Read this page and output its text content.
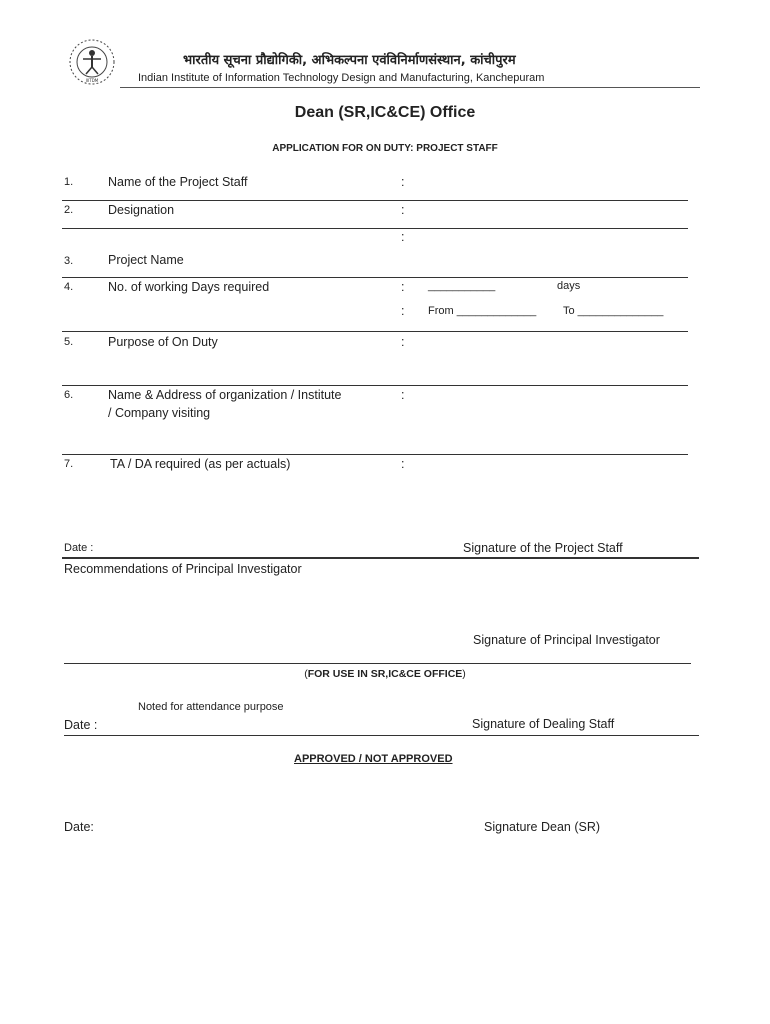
IIITDM
भारतीय सूचना प्रौद्योगिकी, अभिकल्पना एवंविनिर्माणसंस्थान, कांचीपुरम
Indian Institute of Information Technology Design and Manufacturing, Kanchepuram
Dean (SR,IC&CE) Office
APPLICATION FOR ON DUTY: PROJECT STAFF
1.	Name of the Project Staff	:
2.	Designation	:
:
3.	Project Name
4.	No. of working Days required	: ___________	days
: From _____________ To ______________
5.	Purpose of On Duty	:
6.	Name & Address of organization / Institute
/ Company visiting
:
7.	TA / DA required (as per actuals)	:
Date :	Signature of the Project Staff
Recommendations of Principal Investigator
Signature of Principal Investigator
(FOR USE IN SR,IC&CE OFFICE)
Noted for attendance purpose
Date :	Signature of Dealing Staff
APPROVED / NOT APPROVED
Date:	Signature Dean (SR)
